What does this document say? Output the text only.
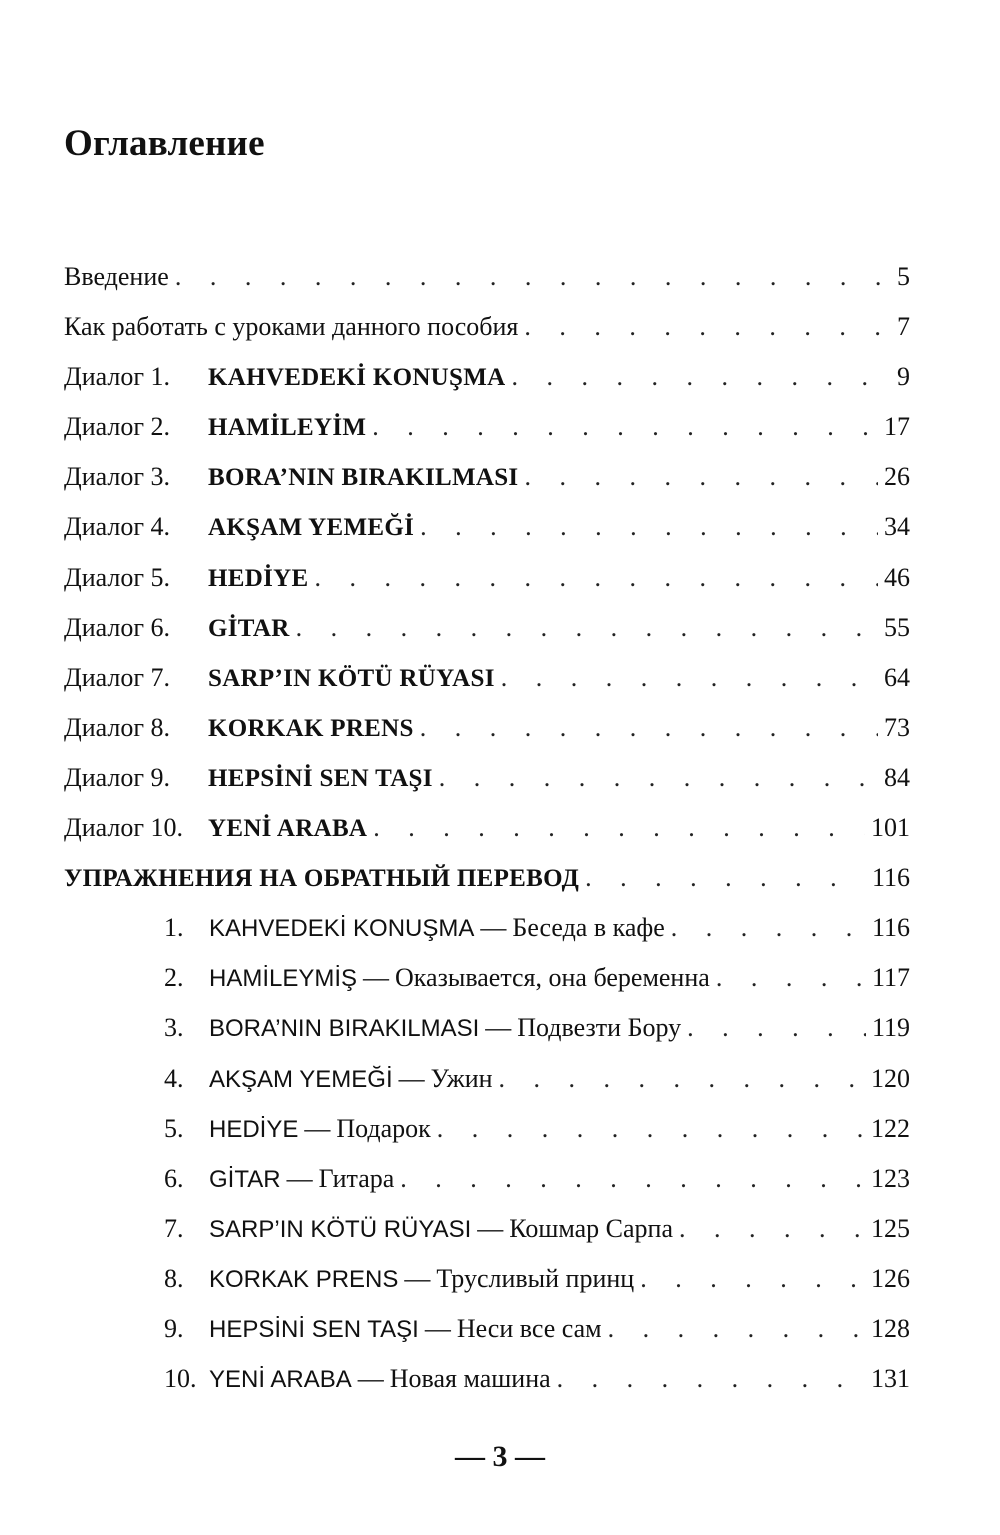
Оглавление
Введение . . .	5
Как работать с уроками данного пособия . . .	7
Диалог 1.	KAHVEDEKİ KONUŞMA . . .	9
Диалог 2.	HAMİLEYİM . . .	17
Диалог 3.	BORA’NIN BIRAKILMASI . . .	26
Диалог 4.	AKŞAM YEMEĞİ . . .	34
Диалог 5.	HEDİYE . . .	46
Диалог 6.	GİTAR . . .	55
Диалог 7.	SARP’IN KÖTÜ RÜYASI . . .	64
Диалог 8.	KORKAK PRENS . . .	73
Диалог 9.	HEPSİNİ SEN TAŞI . . .	84
Диалог 10. YENİ ARABA . . .	101
УПРАЖНЕНИЯ НА ОБРАТНЫЙ ПЕРЕВОД . . .	116
1.	KAHVEDEKİ KONUŞMA — Беседа в кафе . . .	116
2.	HAMİLEYMİŞ — Оказывается, она беременна . . .	117
3.	BORA’NIN BIRAKILMASI — Подвезти Бору . . .	119
4.	AKŞAM YEMEĞİ — Ужин . . .	120
5.	HEDİYE — Подарок . . .	122
6.	GİTAR — Гитара . . .	123
7.	SARP’IN KÖTÜ RÜYASI — Кошмар Сарпа . . .	125
8.	KORKAK PRENS — Трусливый принц . . .	126
9.	HEPSİNİ SEN TAŞI — Неси все сам . . .	128
10. YENİ ARABA — Новая машина . . .	131
— 3 —
